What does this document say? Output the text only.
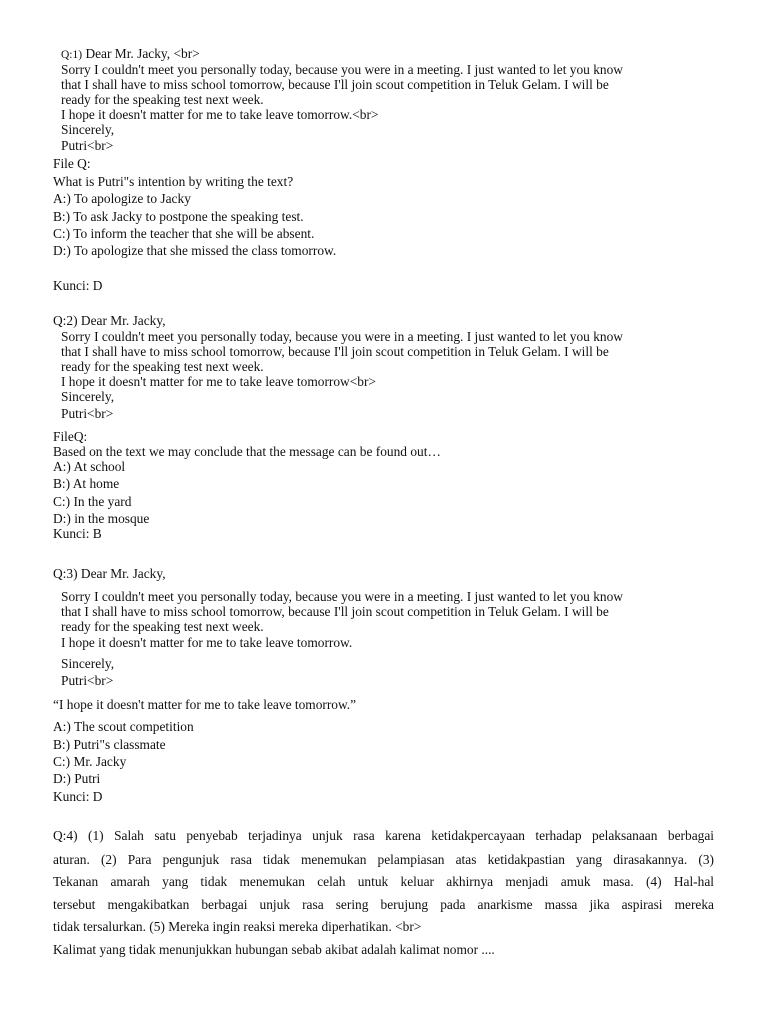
Q:1) Dear Mr. Jacky, <br>
Sorry I couldn't meet you personally today, because you were in a meeting. I just wanted to let you know
that I shall have to miss school tomorrow, because I'll join scout competition in Teluk Gelam. I will be
ready for the speaking test next week.
I hope it doesn't matter for me to take leave tomorrow.<br>
Sincerely,
Putri<br>
File Q:
What is Putri"s intention by writing the text?
A:) To apologize to Jacky
B:) To ask Jacky to postpone the speaking test.
C:) To inform the teacher that she will be absent.
D:) To apologize that she missed the class tomorrow.
Kunci: D
Q:2) Dear Mr. Jacky,
Sorry I couldn't meet you personally today, because you were in a meeting. I just wanted to let you know
that I shall have to miss school tomorrow, because I'll join scout competition in Teluk Gelam. I will be
ready for the speaking test next week.
I hope it doesn't matter for me to take leave tomorrow<br>
Sincerely,
Putri<br>
FileQ:
Based on the text we may conclude that the message can be found out…
A:) At school
B:) At home
C:) In the yard
D:) in the mosque
Kunci: B
Q:3) Dear Mr. Jacky,
Sorry I couldn't meet you personally today, because you were in a meeting. I just wanted to let you know
that I shall have to miss school tomorrow, because I'll join scout competition in Teluk Gelam. I will be
ready for the speaking test next week.
I hope it doesn't matter for me to take leave tomorrow.
Sincerely,
Putri<br>
“I hope it doesn't matter for me to take leave tomorrow.”
A:) The scout competition
B:) Putri"s classmate
C:) Mr. Jacky
D:) Putri
Kunci: D
Q:4) (1) Salah satu penyebab terjadinya unjuk rasa karena ketidakpercayaan terhadap pelaksanaan berbagai
aturan. (2) Para pengunjuk rasa tidak menemukan pelampiasan atas ketidakpastian yang dirasakannya. (3)
Tekanan amarah yang tidak menemukan celah untuk keluar akhirnya menjadi amuk masa. (4) Hal-hal
tersebut mengakibatkan berbagai unjuk rasa sering berujung pada anarkisme massa jika aspirasi mereka
tidak tersalurkan. (5) Mereka ingin reaksi mereka diperhatikan. <br>
Kalimat yang tidak menunjukkan hubungan sebab akibat adalah kalimat nomor ....
